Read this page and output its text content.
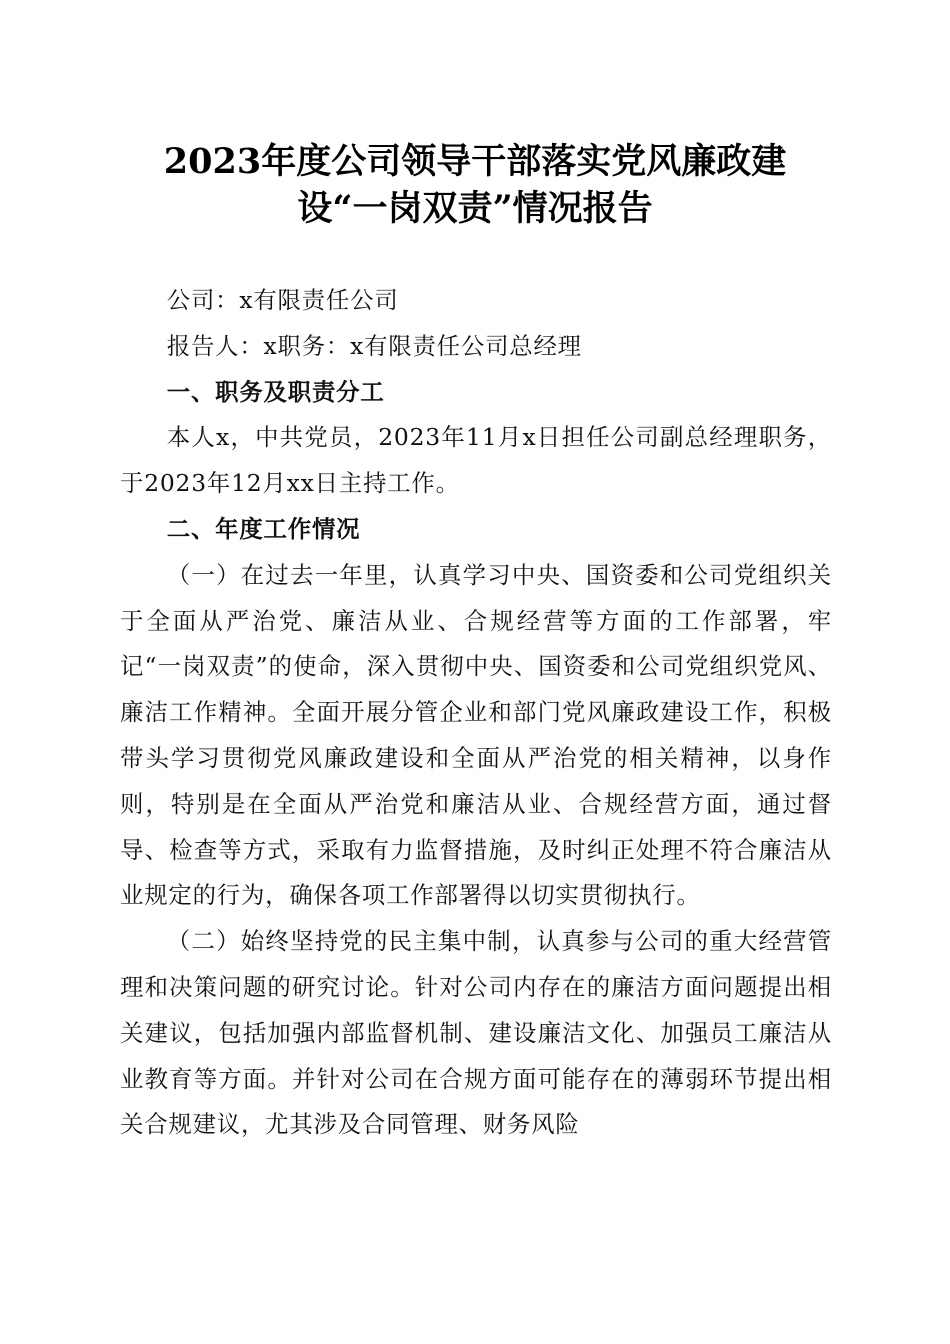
2023年度公司领导干部落实党风廉政建
设“一岗双责”情况报告

公司：x有限责任公司

报告人：x职务：x有限责任公司总经理

一、职务及职责分工

本人x，中共党员，2023年11月x日担任公司副总经理职务，于2023年12月xx日主持工作。

二、年度工作情况

（一）在过去一年里，认真学习中央、国资委和公司党组织关于全面从严治党、廉洁从业、合规经营等方面的工作部署，牢记“一岗双责”的使命，深入贯彻中央、国资委和公司党组织党风、廉洁工作精神。全面开展分管企业和部门党风廉政建设工作，积极带头学习贯彻党风廉政建设和全面从严治党的相关精神，以身作则，特别是在全面从严治党和廉洁从业、合规经营方面，通过督导、检查等方式，采取有力监督措施，及时纠正处理不符合廉洁从业规定的行为，确保各项工作部署得以切实贯彻执行。

（二）始终坚持党的民主集中制，认真参与公司的重大经营管理和决策问题的研究讨论。针对公司内存在的廉洁方面问题提出相关建议，包括加强内部监督机制、建设廉洁文化、加强员工廉洁从业教育等方面。并针对公司在合规方面可能存在的薄弱环节提出相关合规建议，尤其涉及合同管理、财务风险
